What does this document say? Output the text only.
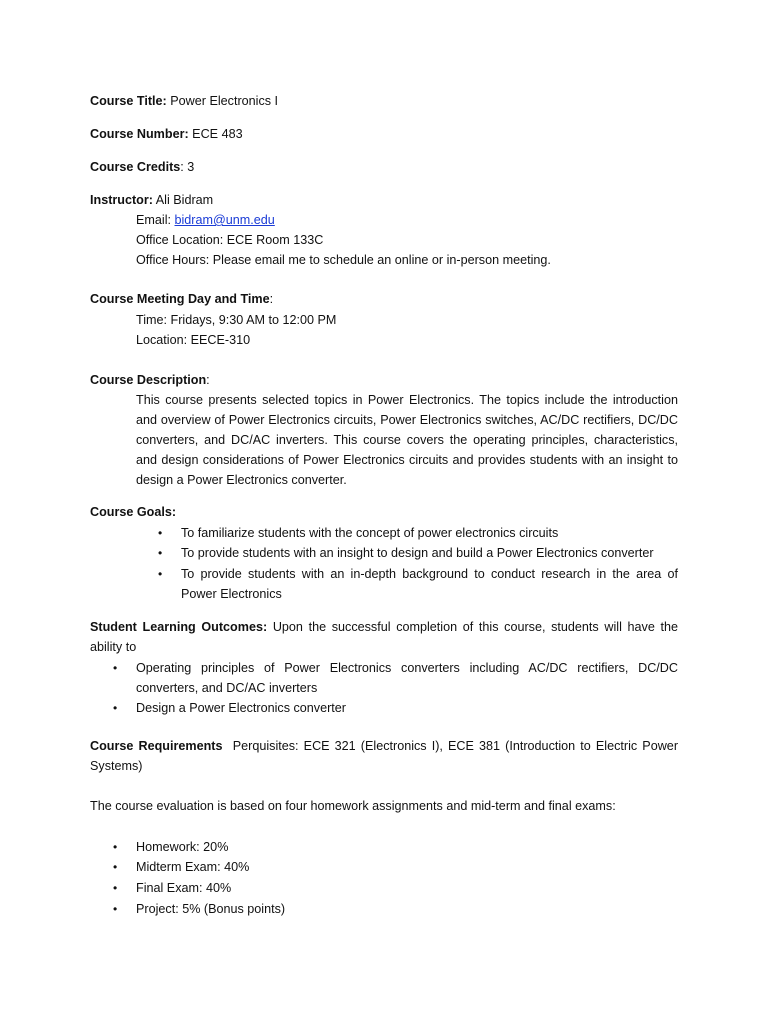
Course Title: Power Electronics I
Course Number: ECE 483
Course Credits: 3
Instructor: Ali Bidram
Email: bidram@unm.edu
Office Location: ECE Room 133C
Office Hours: Please email me to schedule an online or in-person meeting.
Course Meeting Day and Time:
Time: Fridays, 9:30 AM to 12:00 PM
Location: EECE-310
Course Description:
This course presents selected topics in Power Electronics. The topics include the introduction and overview of Power Electronics circuits, Power Electronics switches, AC/DC rectifiers, DC/DC converters, and DC/AC inverters. This course covers the operating principles, characteristics, and design considerations of Power Electronics circuits and provides students with an insight to design a Power Electronics converter.
Course Goals:
• To familiarize students with the concept of power electronics circuits
• To provide students with an insight to design and build a Power Electronics converter
• To provide students with an in-depth background to conduct research in the area of Power Electronics
Student Learning Outcomes: Upon the successful completion of this course, students will have the ability to
• Operating principles of Power Electronics converters including AC/DC rectifiers, DC/DC converters, and DC/AC inverters
• Design a Power Electronics converter
Course Requirements Perquisites: ECE 321 (Electronics I), ECE 381 (Introduction to Electric Power Systems)
The course evaluation is based on four homework assignments and mid-term and final exams:
• Homework: 20%
• Midterm Exam: 40%
• Final Exam: 40%
• Project: 5% (Bonus points)
